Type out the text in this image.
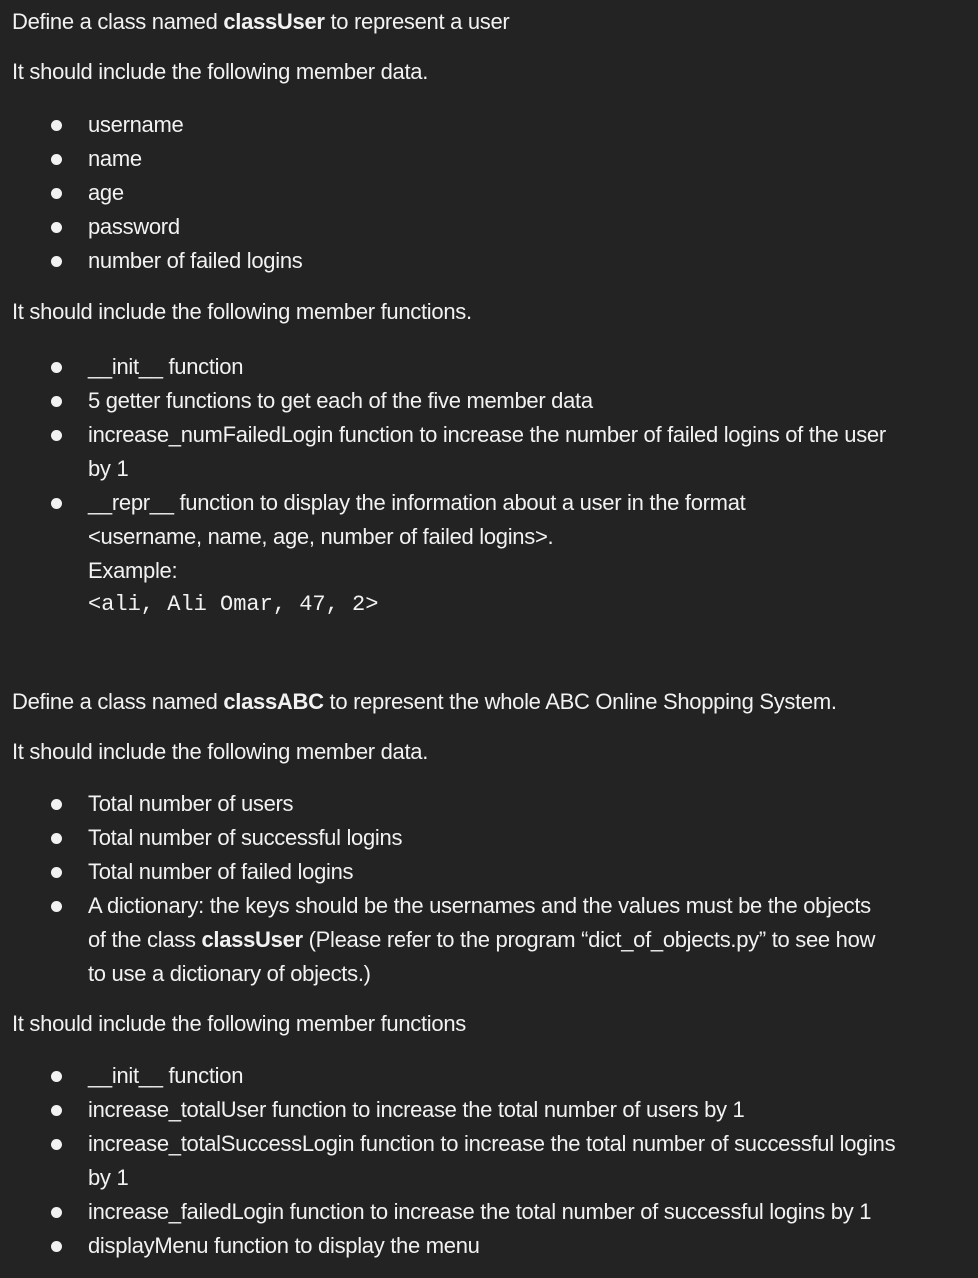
Define a class named classUser to represent a user

It should include the following member data.

username
name
age
password
number of failed logins

It should include the following member functions.

__init__ function
5 getter functions to get each of the five member data
increase_numFailedLogin function to increase the number of failed logins of the user
by 1
__repr__ function to display the information about a user in the format
<username, name, age, number of failed logins>.
Example:
<ali, Ali Omar, 47, 2>

Define a class named classABC to represent the whole ABC Online Shopping System.

It should include the following member data.

Total number of users
Total number of successful logins
Total number of failed logins
A dictionary: the keys should be the usernames and the values must be the objects
of the class classUser (Please refer to the program “dict_of_objects.py” to see how
to use a dictionary of objects.)

It should include the following member functions

__init__ function
increase_totalUser function to increase the total number of users by 1
increase_totalSuccessLogin function to increase the total number of successful logins
by 1
increase_failedLogin function to increase the total number of successful logins by 1
displayMenu function to display the menu
